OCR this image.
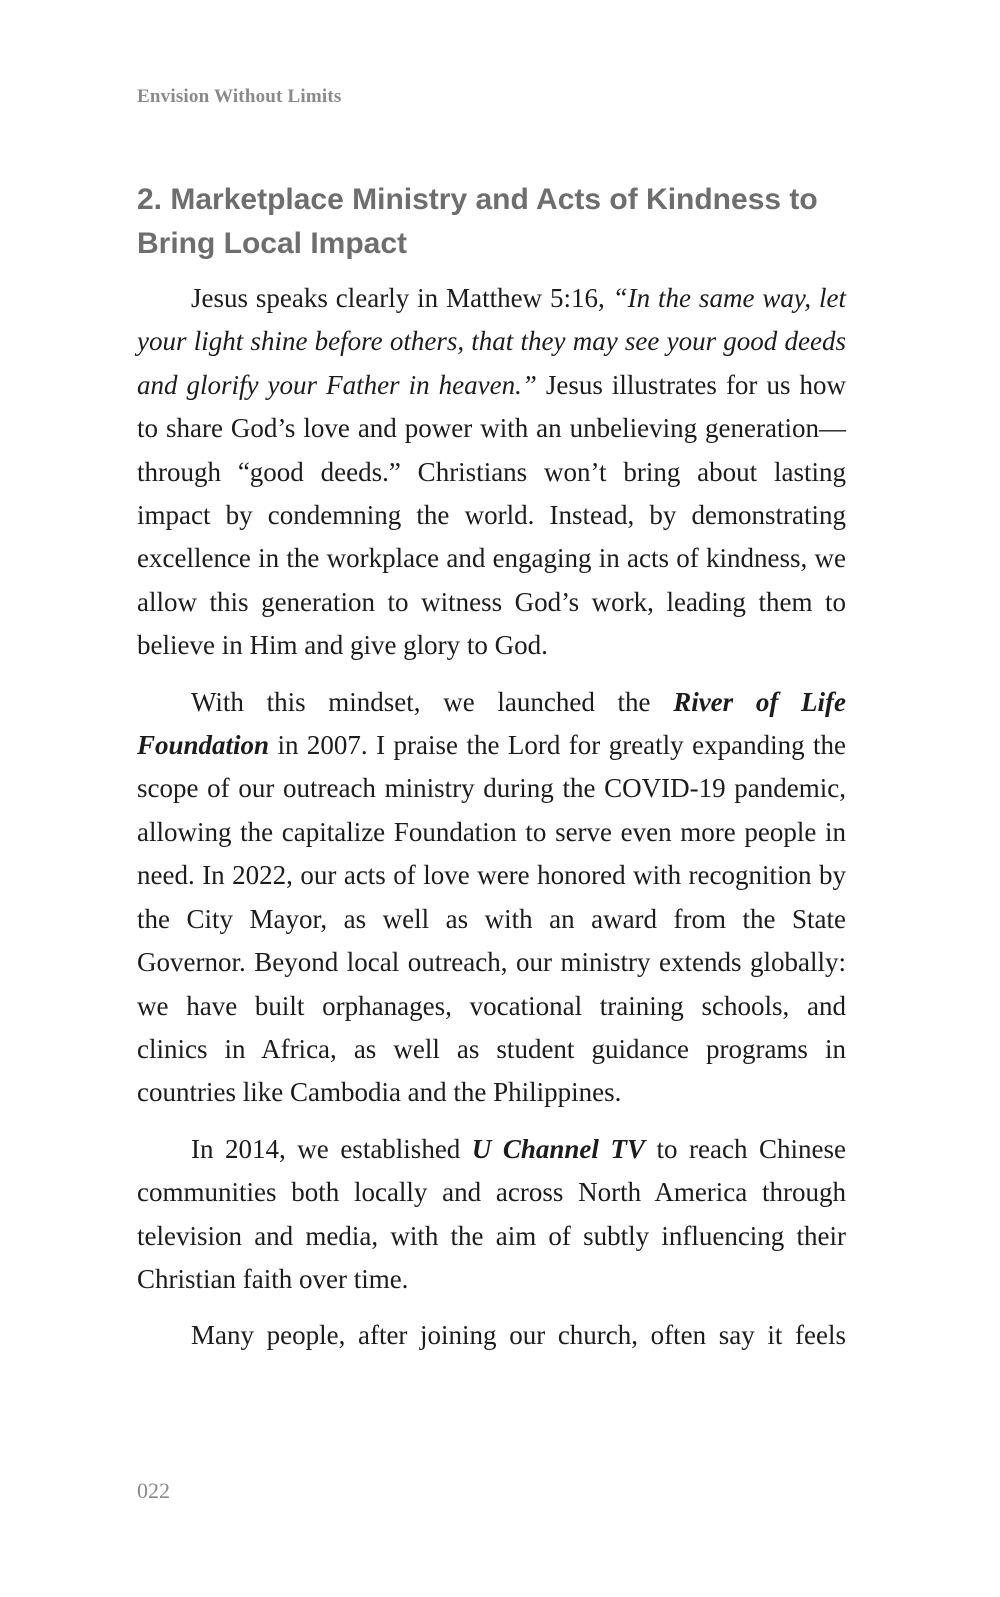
Envision Without Limits
2. Marketplace Ministry and Acts of Kindness to
Bring Local Impact

Jesus speaks clearly in Matthew 5:16, “In the same way, let your light shine before others, that they may see your good deeds and glorify your Father in heaven.” Jesus illustrates for us how to share God’s love and power with an unbelieving generation— through “good deeds.” Christians won’t bring about lasting impact by condemning the world. Instead, by demonstrating excellence in the workplace and engaging in acts of kindness, we allow this generation to witness God’s work, leading them to believe in Him and give glory to God.

With this mindset, we launched the River of Life Foundation in 2007. I praise the Lord for greatly expanding the scope of our outreach ministry during the COVID-19 pandemic, allowing the capitalize Foundation to serve even more people in need. In 2022, our acts of love were honored with recognition by the City Mayor, as well as with an award from the State Governor. Beyond local outreach, our ministry extends globally: we have built orphanages, vocational training schools, and clinics in Africa, as well as student guidance programs in countries like Cambodia and the Philippines.

In 2014, we established U Channel TV to reach Chinese communities both locally and across North America through television and media, with the aim of subtly influencing their Christian faith over time.

Many people, after joining our church, often say it feels

022
